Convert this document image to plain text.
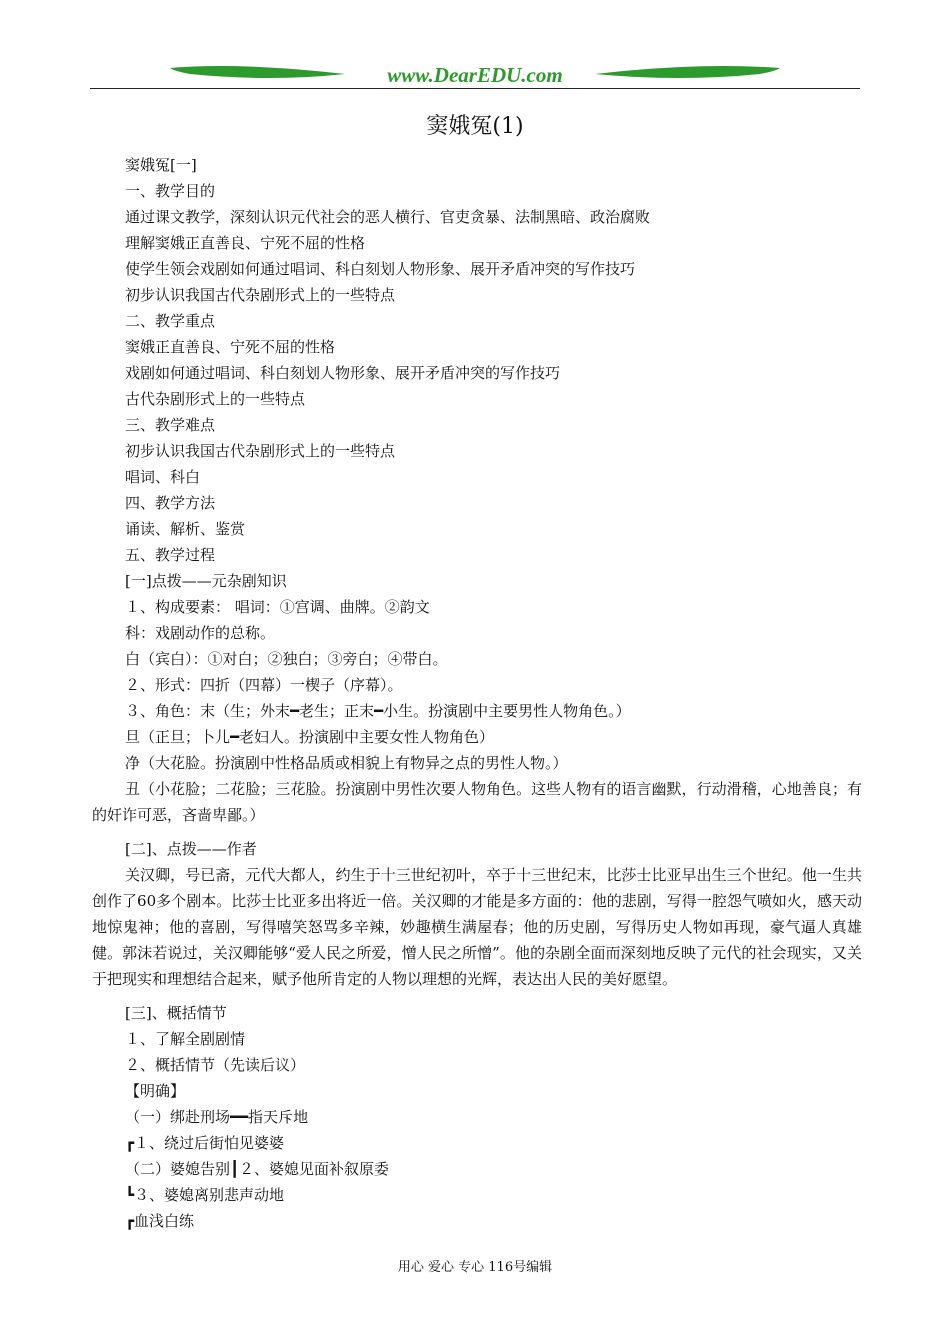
www.DearEDU.com
窦娥冤(1)
窦娥冤[一]
一、教学目的
通过课文教学，深刻认识元代社会的恶人横行、官吏贪暴、法制黑暗、政治腐败
理解窦娥正直善良、宁死不屈的性格
使学生领会戏剧如何通过唱词、科白刻划人物形象、展开矛盾冲突的写作技巧
初步认识我国古代杂剧形式上的一些特点
二、教学重点
窦娥正直善良、宁死不屈的性格
戏剧如何通过唱词、科白刻划人物形象、展开矛盾冲突的写作技巧
古代杂剧形式上的一些特点
三、教学难点
初步认识我国古代杂剧形式上的一些特点
唱词、科白
四、教学方法
诵读、解析、鉴赏
五、教学过程
[一]点拨——元杂剧知识
１、构成要素： 唱词：①宫调、曲牌。②韵文
科：戏剧动作的总称。
白（宾白）：①对白；②独白；③旁白；④带白。
２、形式：四折（四幕）一楔子（序幕）。
３、角色：末（生；外末━老生；正末━小生。扮演剧中主要男性人物角色。）
旦（正旦；卜儿━老妇人。扮演剧中主要女性人物角色）
净（大花脸。扮演剧中性格品质或相貌上有物异之点的男性人物。）

丑（小花脸；二花脸；三花脸。扮演剧中男性次要人物角色。这些人物有的语言幽默，行动滑稽，心地善良；有的奸诈可恶，吝啬卑鄙。）

[二]、点拨——作者

关汉卿，号已斋，元代大都人，约生于十三世纪初叶，卒于十三世纪末，比莎士比亚早出生三个世纪。他一生共创作了60多个剧本。比莎士比亚多出将近一倍。关汉卿的才能是多方面的：他的悲剧，写得一腔怨气喷如火，感天动地惊鬼神；他的喜剧，写得嘻笑怒骂多辛辣，妙趣横生满屋春；他的历史剧，写得历史人物如再现，豪气逼人真雄健。郭沫若说过，关汉卿能够“爱人民之所爱，憎人民之所憎”。他的杂剧全面而深刻地反映了元代的社会现实，又关于把现实和理想结合起来，赋予他所肯定的人物以理想的光辉，表达出人民的美好愿望。

[三]、概括情节
１、了解全剧剧情
２、概括情节（先读后议）
【明确】
（一）绑赴刑场━━指天斥地
┏１、绕过后街怕见婆婆
（二）婆媳告别┃２、婆媳见面补叙原委
┗３、婆媳离别悲声动地
┏血浅白练
用心 爱心 专心 116号编辑
